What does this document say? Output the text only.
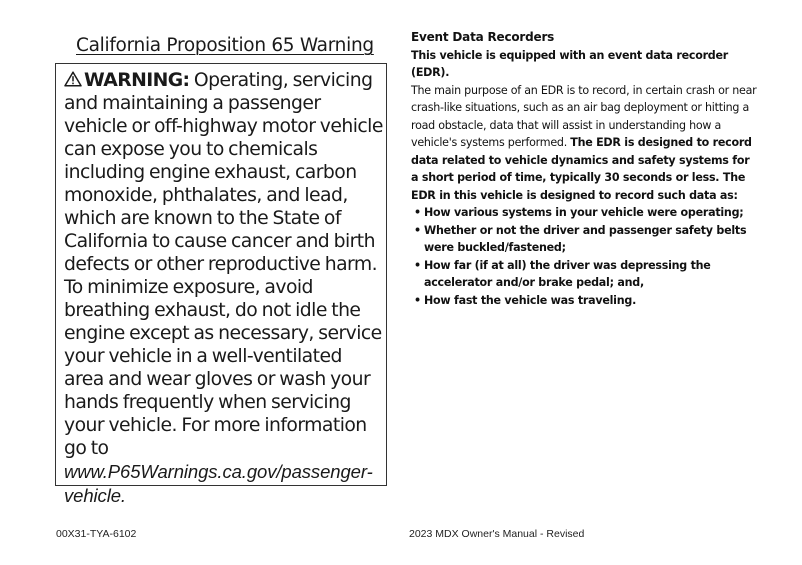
California Proposition 65 Warning

WARNING: Operating, servicing and maintaining a passenger vehicle or off-highway motor vehicle can expose you to chemicals including engine exhaust, carbon monoxide, phthalates, and lead, which are known to the State of California to cause cancer and birth defects or other reproductive harm.

To minimize exposure, avoid breathing exhaust, do not idle the engine except as necessary, service your vehicle in a well-ventilated area and wear gloves or wash your hands frequently when servicing your vehicle. For more information go to www.P65Warnings.ca.gov/passenger-vehicle.

Event Data Recorders

This vehicle is equipped with an event data recorder (EDR).

The main purpose of an EDR is to record, in certain crash or near crash-like situations, such as an air bag deployment or hitting a road obstacle, data that will assist in understanding how a vehicle's systems performed. The EDR is designed to record data related to vehicle dynamics and safety systems for a short period of time, typically 30 seconds or less. The EDR in this vehicle is designed to record such data as:

• How various systems in your vehicle were operating;
• Whether or not the driver and passenger safety belts were buckled/fastened;
• How far (if at all) the driver was depressing the accelerator and/or brake pedal; and,
• How fast the vehicle was traveling.
00X31-TYA-6102	2023 MDX Owner's Manual - Revised
